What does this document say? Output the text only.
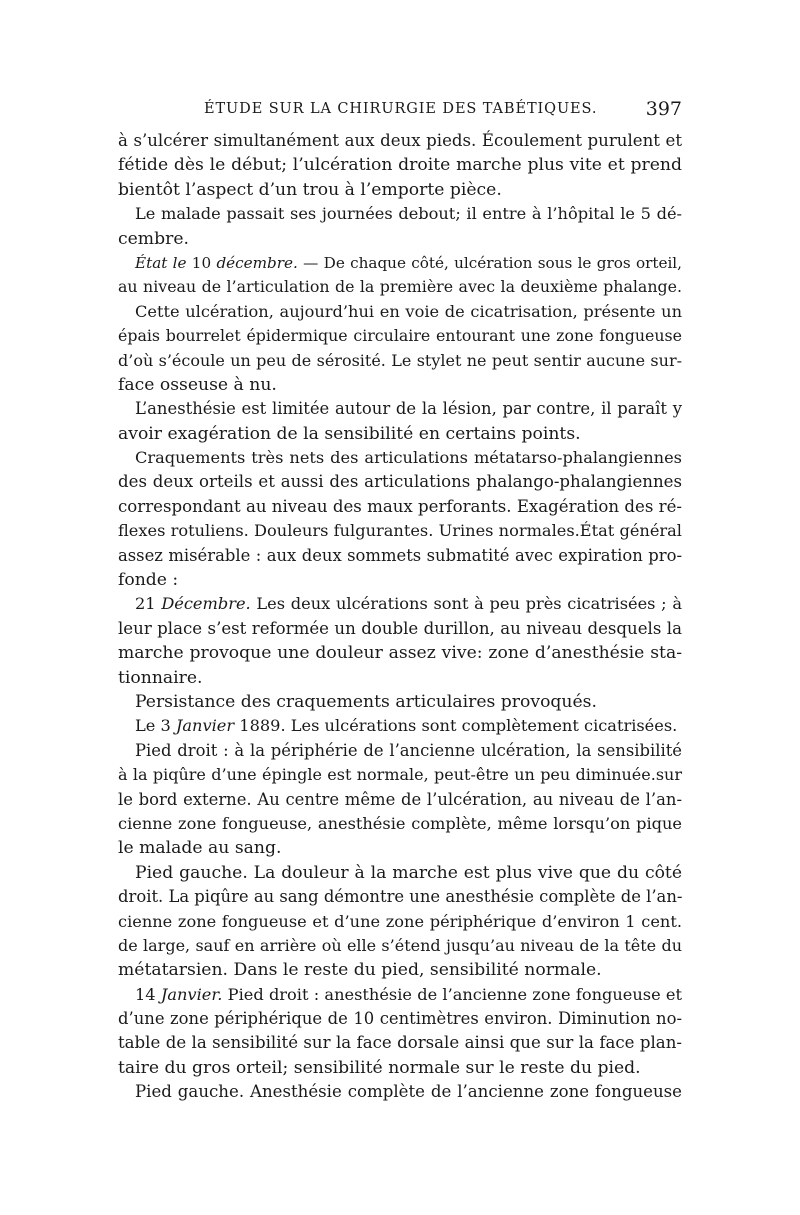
ÉTUDE SUR LA CHIRURGIE DES TABÉTIQUES.	397
à s’ulcérer simultanément aux deux pieds. Écoulement purulent et
fétide dès le début; l’ulcération droite marche plus vite et prend
bientôt l’aspect d’un trou à l’emporte pièce.
Le malade passait ses journées debout; il entre à l’hôpital le 5 dé-
cembre.
État le 10 décembre. — De chaque côté, ulcération sous le gros orteil,
au niveau de l’articulation de la première avec la deuxième phalange.
Cette ulcération, aujourd’hui en voie de cicatrisation, présente un
épais bourrelet épidermique circulaire entourant une zone fongueuse
d’où s’écoule un peu de sérosité. Le stylet ne peut sentir aucune sur-
face osseuse à nu.
L’anesthésie est limitée autour de la lésion, par contre, il paraît y
avoir exagération de la sensibilité en certains points.
Craquements très nets des articulations métatarso-phalangiennes
des deux orteils et aussi des articulations phalango-phalangiennes
correspondant au niveau des maux perforants. Exagération des ré-
flexes rotuliens. Douleurs fulgurantes. Urines normales.État général
assez misérable : aux deux sommets submatité avec expiration pro-
fonde :
21 Décembre. Les deux ulcérations sont à peu près cicatrisées ; à
leur place s’est reformée un double durillon, au niveau desquels la
marche provoque une douleur assez vive: zone d’anesthésie sta-
tionnaire.
Persistance des craquements articulaires provoqués.
Le 3 Janvier 1889. Les ulcérations sont complètement cicatrisées.
Pied droit : à la périphérie de l’ancienne ulcération, la sensibilité
à la piqûre d’une épingle est normale, peut-être un peu diminuée.sur
le bord externe. Au centre même de l’ulcération, au niveau de l’an-
cienne zone fongueuse, anesthésie complète, même lorsqu’on pique
le malade au sang.
Pied gauche. La douleur à la marche est plus vive que du côté
droit. La piqûre au sang démontre une anesthésie complète de l’an-
cienne zone fongueuse et d’une zone périphérique d’environ 1 cent.
de large, sauf en arrière où elle s’étend jusqu’au niveau de la tête du
métatarsien. Dans le reste du pied, sensibilité normale.
14 Janvier. Pied droit : anesthésie de l’ancienne zone fongueuse et
d’une zone périphérique de 10 centimètres environ. Diminution no-
table de la sensibilité sur la face dorsale ainsi que sur la face plan-
taire du gros orteil; sensibilité normale sur le reste du pied.
Pied gauche. Anesthésie complète de l’ancienne zone fongueuse
